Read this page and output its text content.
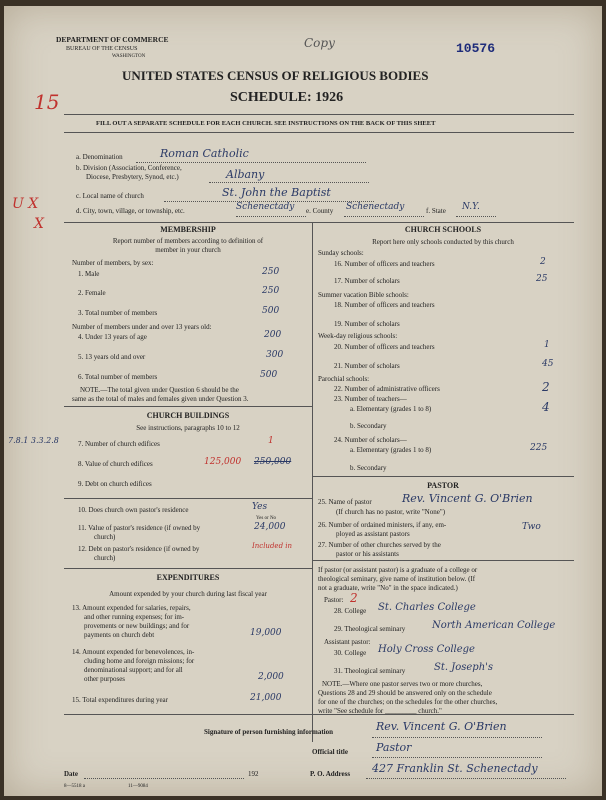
DEPARTMENT OF COMMERCE
BUREAU OF THE CENSUS
WASHINGTON
Copy	10576
UNITED STATES CENSUS OF RELIGIOUS BODIES
SCHEDULE: 1926
15
FILL OUT A SEPARATE SCHEDULE FOR EACH CHURCH. SEE INSTRUCTIONS ON THE BACK OF THIS SHEET
a. Denomination	Roman Catholic
b. Division (Association, Conference,
Diocese, Presbytery, Synod, etc.)	Albany
c. Local name of church	St. John the Baptist
U X
X
d. City, town, village, or township, etc.	Schenectady e. County Schenectady	f. State N.Y.
MEMBERSHIP
Report number of members according to definition of
member in your church
Number of members, by sex:
1. Male	250
2. Female	250
3. Total number of members	500
Number of members under and over 13 years old:
4. Under 13 years of age	200
5. 13 years old and over	300
6. Total number of members	500
NOTE.—The total given under Question 6 should be the
same as the total of males and females given under Question 3.
CHURCH BUILDINGS
See instructions, paragraphs 10 to 12
7.8.1 3.3.2.8	7. Number of church edifices	1
8. Value of church edifices	125,000 250,000
9. Debt on church edifices
10. Does church own pastor's residence	Yes
Yes or No
11. Value of pastor's residence (if owned by
church)
24,000
12. Debt on pastor's residence (if owned by
church)
Included in
EXPENDITURES
Amount expended by your church during last fiscal year
13. Amount expended for salaries, repairs,
and other running expenses; for im-
provements or new buildings; and for
payments on church debt	19,000
14. Amount expended for benevolences, in-
cluding home and foreign missions; for
denominational support; and for all
other purposes	2,000
15. Total expenditures during year	21,000
CHURCH SCHOOLS
Report here only schools conducted by this church
Sunday schools:
16. Number of officers and teachers	2
17. Number of scholars	25
Summer vacation Bible schools:
18. Number of officers and teachers
19. Number of scholars
Week-day religious schools:
20. Number of officers and teachers	1
21. Number of scholars	45
Parochial schools:
22. Number of administrative officers	2
23. Number of teachers—
a. Elementary (grades 1 to 8)	4
b. Secondary
24. Number of scholars—
a. Elementary (grades 1 to 8)	225
b. Secondary
PASTOR
25. Name of pastor	Rev. Vincent G. O'Brien
(If church has no pastor, write "None")
26. Number of ordained ministers, if any, em-
ployed as assistant pastors
Two
27. Number of other churches served by the
pastor or his assistants
If pastor (or assistant pastor) is a graduate of a college or
theological seminary, give name of institution below. (If
not a graduate, write "No" in the space indicated.)
Pastor: 2
28. College St. Charles College
29. Theological seminary	North American College
Assistant pastor:
30. College Holy Cross College
31. Theological seminary	St. Joseph's
NOTE.—Where one pastor serves two or more churches,
Questions 28 and 29 should be answered only on the schedule
for one of the churches; on the schedules for the other churches,
write "See schedule for _________ church."
Signature of person furnishing information	Rev. Vincent G. O'Brien
Official title	Pastor
Date	192	P. O. Address 427 Franklin St. Schenectady
8—5518 a	11—9084
